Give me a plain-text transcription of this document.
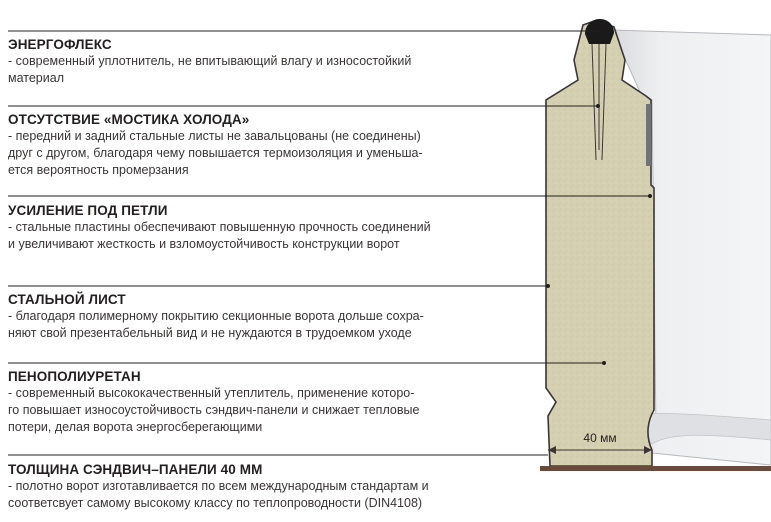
40 мм
ЭНЕРГОФЛЕКС
- современный уплотнитель, не впитывающий влагу и износостойкий
материал
ОТСУТСТВИЕ «МОСТИКА ХОЛОДА»
- передний и задний стальные листы не завальцованы (не соединены)
друг с другом, благодаря чему повышается термоизоляция и уменьша-
ется вероятность промерзания
УСИЛЕНИЕ ПОД ПЕТЛИ
- стальные пластины обеспечивают повышенную прочность соединений
и увеличивают жесткость и взломоустойчивость конструкции ворот
СТАЛЬНОЙ ЛИСТ
- благодаря полимерному покрытию секционные ворота дольше сохра-
няют свой презентабельный вид и не нуждаются в трудоемком уходе
ПЕНОПОЛИУРЕТАН
- современный высококачественный утеплитель, применение которо-
го повышает износоустойчивость сэндвич-панели и снижает тепловые
потери, делая ворота энергосберегающими
ТОЛЩИНА СЭНДВИЧ–ПАНЕЛИ 40 ММ
- полотно ворот изготавливается по всем международным стандартам и
соответсвует самому высокому классу по теплопроводности (DIN4108)
